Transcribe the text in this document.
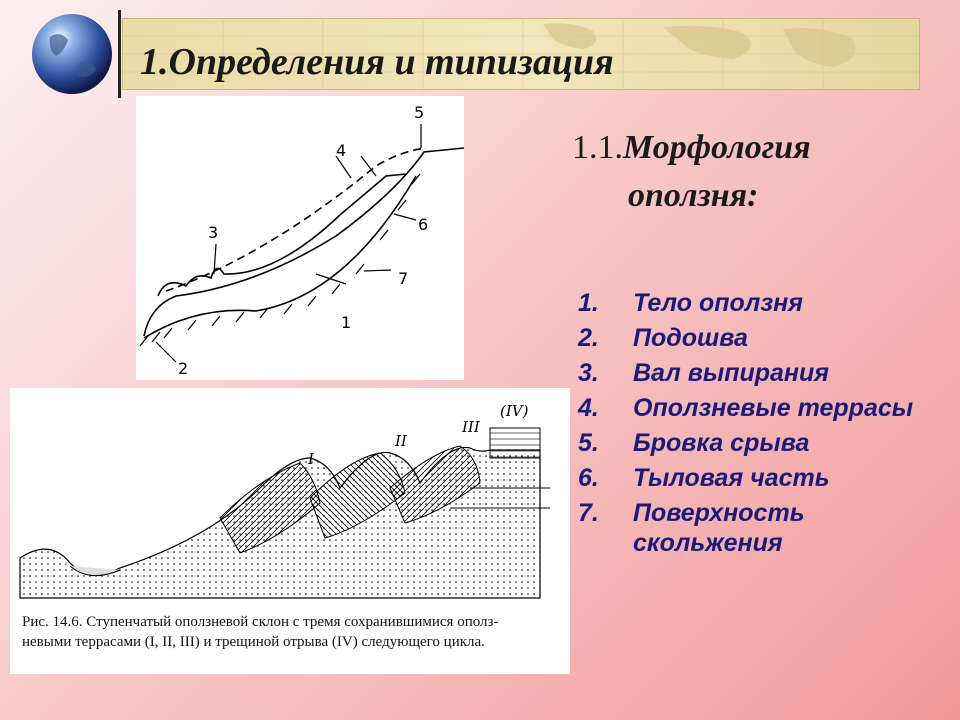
1.Определения и типизация
1
2
3
4
5
6
7
I
II
III
(IV)
Рис. 14.6. Ступенчатый оползневой склон с тремя сохранившимися ополз-
невыми террасами (I, II, III) и трещиной отрыва (IV) следующего цикла.
1.1.Морфология
оползня:
1.	Тело оползня
2.	Подошва
3.	Вал выпирания
4.	Оползневые террасы
5.	Бровка срыва
6.	Тыловая часть
7.	Поверхность скольжения
